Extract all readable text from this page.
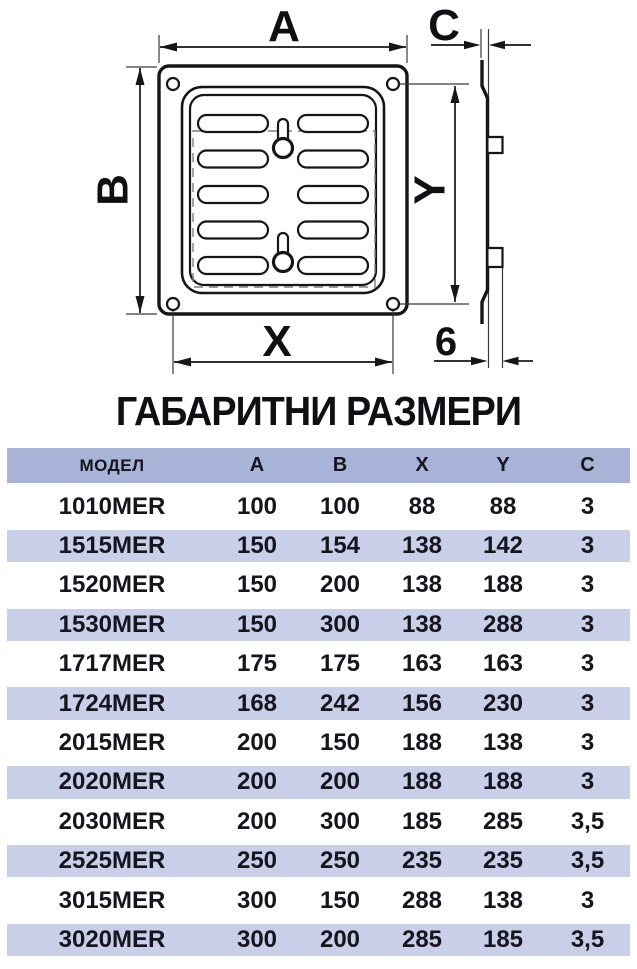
A
B
X
Y
C
6
ГАБАРИТНИ РАЗМЕРИ
МОДЕЛ	A	B	X	Y	C
1010MER	100	100	88	88	3
1515MER	150	154	138	142	3
1520MER	150	200	138	188	3
1530MER	150	300	138	288	3
1717MER	175	175	163	163	3
1724MER	168	242	156	230	3
2015MER	200	150	188	138	3
2020MER	200	200	188	188	3
2030MER	200	300	185	285	3,5
2525MER	250	250	235	235	3,5
3015MER	300	150	288	138	3
3020MER	300	200	285	185	3,5
